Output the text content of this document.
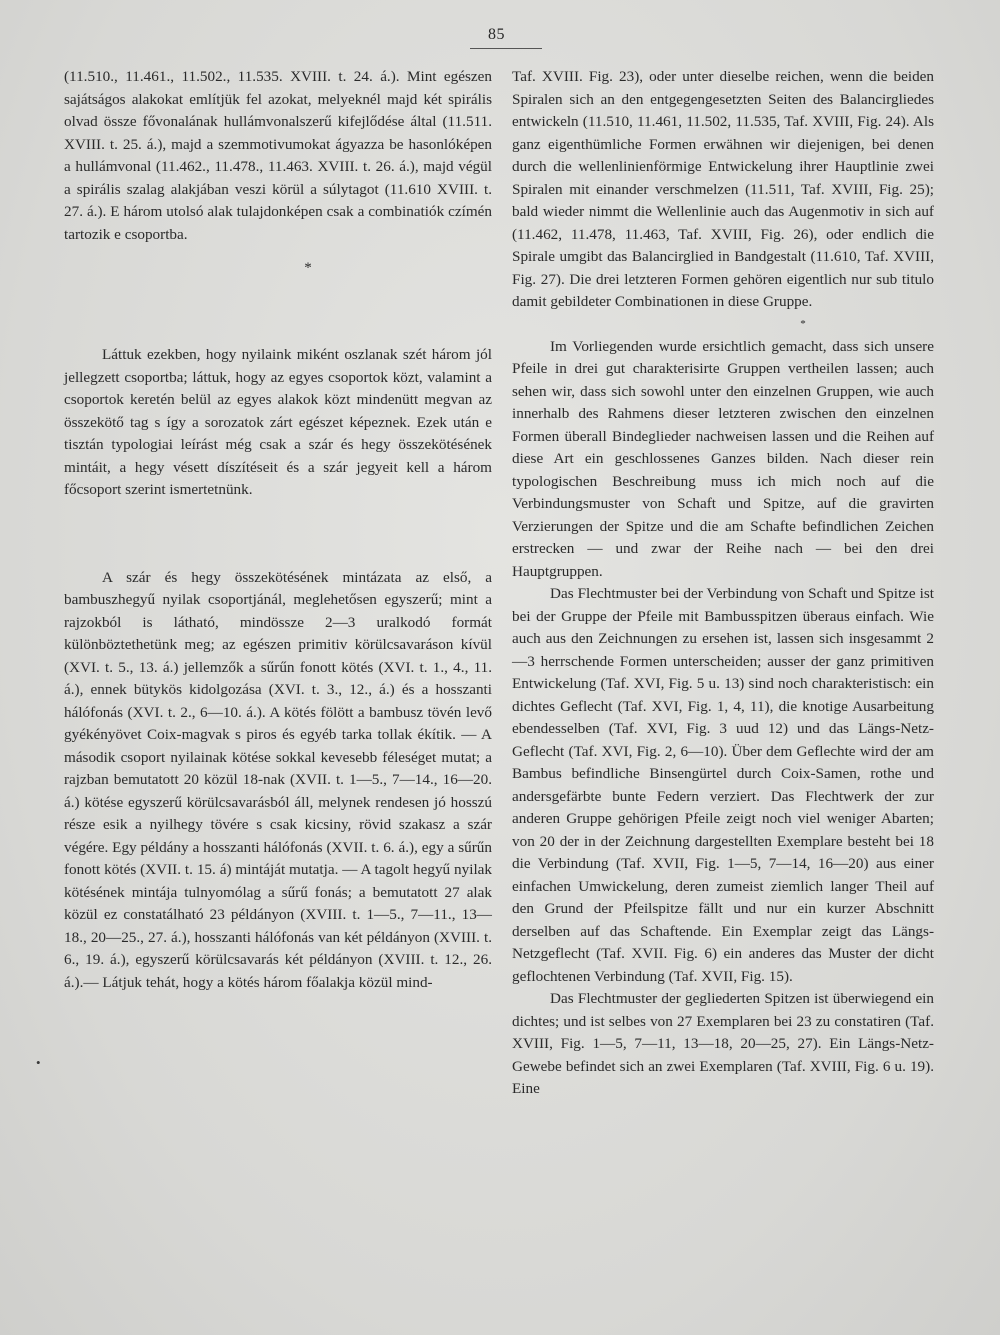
85
•

(11.510., 11.461., 11.502., 11.535. XVIII. t. 24. á.). Mint egészen sajátságos alakokat említjük fel azokat, melyeknél majd két spirális olvad össze fővonalának hullámvonalszerű kifejlődése által (11.511. XVIII. t. 25. á.), majd a szemmotivumokat ágyazza be hasonlóképen a hullámvonal (11.462., 11.478., 11.463. XVIII. t. 26. á.), majd végül a spirális szalag alakjában veszi körül a súlytagot (11.610 XVIII. t. 27. á.). E három utolsó alak tulajdonképen csak a combinatiók czímén tartozik e csoportba.

*

Láttuk ezekben, hogy nyilaink miként oszlanak szét három jól jellegzett csoportba; láttuk, hogy az egyes csoportok közt, valamint a csoportok keretén belül az egyes alakok közt mindenütt megvan az összekötő tag s így a sorozatok zárt egészet képeznek. Ezek után e tisztán typologiai leírást még csak a szár és hegy összekötésének mintáit, a hegy vésett díszítéseit és a szár jegyeit kell a három főcsoport szerint ismertetnünk.

A szár és hegy összekötésének mintázata az első, a bambuszhegyű nyilak csoportjánál, meglehetősen egyszerű; mint a rajzokból is látható, mindössze 2—3 uralkodó formát különböztethetünk meg; az egészen primitiv körülcsavaráson kívül (XVI. t. 5., 13. á.) jellemzők a sűrűn fonott kötés (XVI. t. 1., 4., 11. á.), ennek bütykös kidolgozása (XVI. t. 3., 12., á.) és a hosszanti hálófonás (XVI. t. 2., 6—10. á.). A kötés fölött a bambusz tövén levő gyékényövet Coix-magvak s piros és egyéb tarka tollak ékítik. — A második csoport nyilainak kötése sokkal kevesebb féleséget mutat; a rajzban bemutatott 20 közül 18-nak (XVII. t. 1—5., 7—14., 16—20. á.) kötése egyszerű körülcsavarásból áll, melynek rendesen jó hosszú része esik a nyilhegy tövére s csak kicsiny, rövid szakasz a szár végére. Egy példány a hosszanti hálófonás (XVII. t. 6. á.), egy a sűrűn fonott kötés (XVII. t. 15. á) mintáját mutatja. — A tagolt hegyű nyilak kötésének mintája tulnyomólag a sűrű fonás; a bemutatott 27 alak közül ez constatálható 23 példányon (XVIII. t. 1—5., 7—11., 13—18., 20—25., 27. á.), hosszanti hálófonás van két példányon (XVIII. t. 6., 19. á.), egyszerű körülcsavarás két példányon (XVIII. t. 12., 26. á.).— Látjuk tehát, hogy a kötés három főalakja közül mind-

Taf. XVIII. Fig. 23), oder unter dieselbe reichen, wenn die beiden Spiralen sich an den entgegengesetzten Seiten des Balancirgliedes entwickeln (11.510, 11.461, 11.502, 11.535, Taf. XVIII, Fig. 24). Als ganz eigenthümliche Formen erwähnen wir diejenigen, bei denen durch die wellenlinienförmige Entwickelung ihrer Hauptlinie zwei Spiralen mit einander verschmelzen (11.511, Taf. XVIII, Fig. 25); bald wieder nimmt die Wellenlinie auch das Augenmotiv in sich auf (11.462, 11.478, 11.463, Taf. XVIII, Fig. 26), oder endlich die Spirale umgibt das Balancirglied in Bandgestalt (11.610, Taf. XVIII, Fig. 27). Die drei letzteren Formen gehören eigentlich nur sub titulo damit gebildeter Combinationen in diese Gruppe.

*

Im Vorliegenden wurde ersichtlich gemacht, dass sich unsere Pfeile in drei gut charakterisirte Gruppen vertheilen lassen; auch sehen wir, dass sich sowohl unter den einzelnen Gruppen, wie auch innerhalb des Rahmens dieser letzteren zwischen den einzelnen Formen überall Bindeglieder nachweisen lassen und die Reihen auf diese Art ein geschlossenes Ganzes bilden. Nach dieser rein typologischen Beschreibung muss ich mich noch auf die Verbindungsmuster von Schaft und Spitze, auf die gravirten Verzierungen der Spitze und die am Schafte befindlichen Zeichen erstrecken — und zwar der Reihe nach — bei den drei Hauptgruppen.

Das Flechtmuster bei der Verbindung von Schaft und Spitze ist bei der Gruppe der Pfeile mit Bambusspitzen überaus einfach. Wie auch aus den Zeichnungen zu ersehen ist, lassen sich insgesammt 2—3 herrschende Formen unterscheiden; ausser der ganz primitiven Entwickelung (Taf. XVI, Fig. 5 u. 13) sind noch charakteristisch: ein dichtes Geflecht (Taf. XVI, Fig. 1, 4, 11), die knotige Ausarbeitung ebendesselben (Taf. XVI, Fig. 3 uud 12) und das Längs-Netz-Geflecht (Taf. XVI, Fig. 2, 6—10). Über dem Geflechte wird der am Bambus befindliche Binsengürtel durch Coix-Samen, rothe und andersgefärbte bunte Federn verziert. Das Flechtwerk der zur anderen Gruppe gehörigen Pfeile zeigt noch viel weniger Abarten; von 20 der in der Zeichnung dargestellten Exemplare besteht bei 18 die Verbindung (Taf. XVII, Fig. 1—5, 7—14, 16—20) aus einer einfachen Umwickelung, deren zumeist ziemlich langer Theil auf den Grund der Pfeilspitze fällt und nur ein kurzer Abschnitt derselben auf das Schaftende. Ein Exemplar zeigt das Längs-Netzgeflecht (Taf. XVII. Fig. 6) ein anderes das Muster der dicht geflochtenen Verbindung (Taf. XVII, Fig. 15).

Das Flechtmuster der gegliederten Spitzen ist überwiegend ein dichtes; und ist selbes von 27 Exemplaren bei 23 zu constatiren (Taf. XVIII, Fig. 1—5, 7—11, 13—18, 20—25, 27). Ein Längs-Netz-Gewebe befindet sich an zwei Exemplaren (Taf. XVIII, Fig. 6 u. 19). Eine
